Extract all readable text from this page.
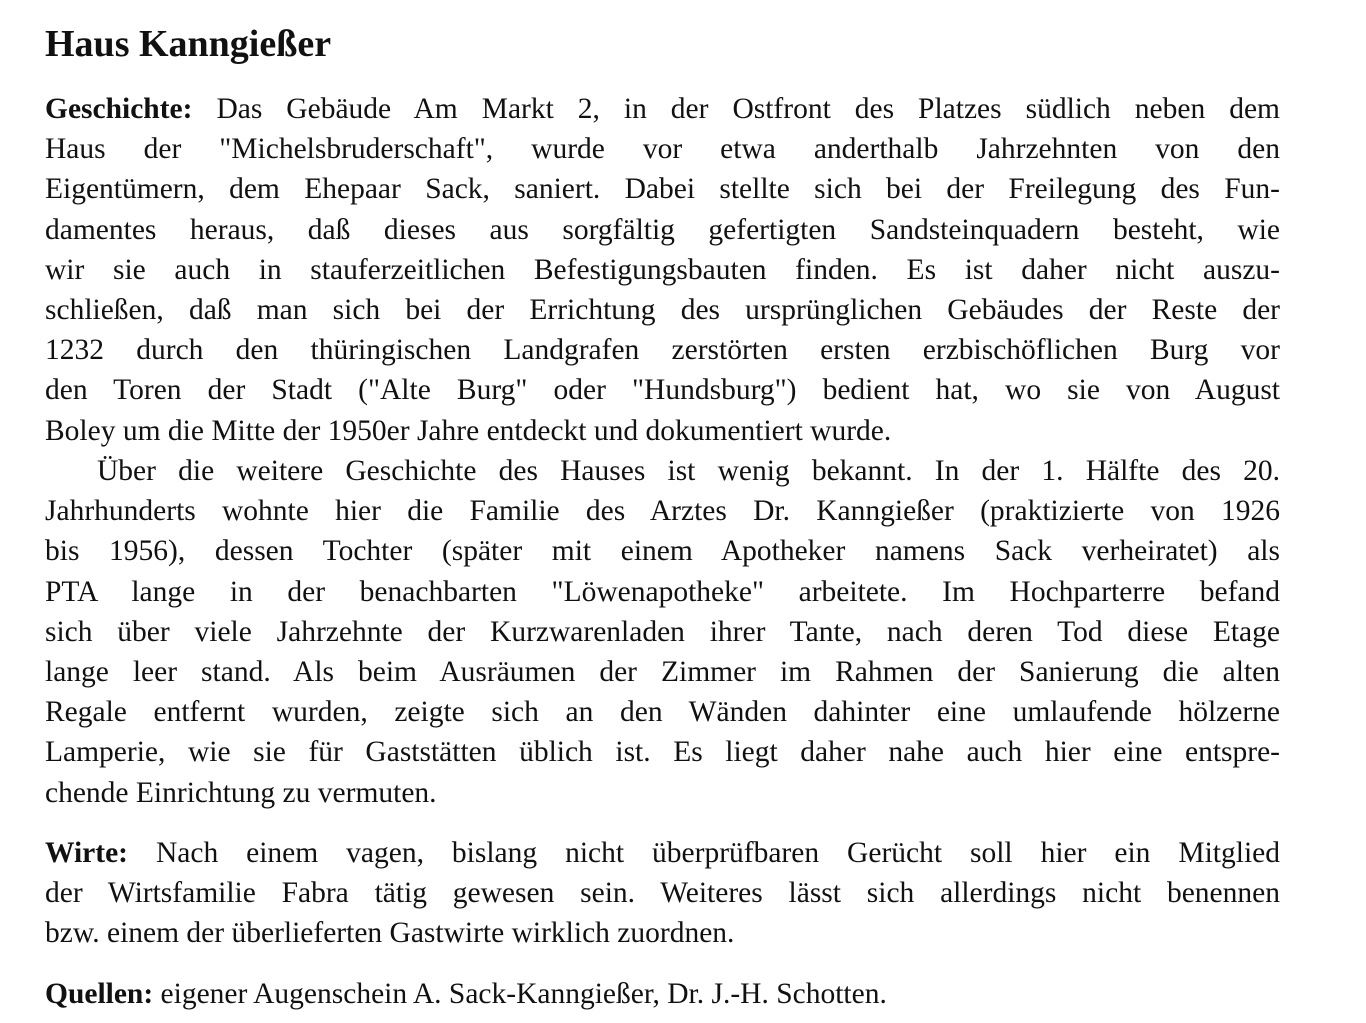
Haus Kanngießer
Geschichte: Das Gebäude Am Markt 2, in der Ostfront des Platzes südlich neben dem
Haus der "Michelsbruderschaft", wurde vor etwa anderthalb Jahrzehnten von den
Eigentümern, dem Ehepaar Sack, saniert. Dabei stellte sich bei der Freilegung des Fun-
damentes heraus, daß dieses aus sorgfältig gefertigten Sandsteinquadern besteht, wie
wir sie auch in stauferzeitlichen Befestigungsbauten finden. Es ist daher nicht auszu-
schließen, daß man sich bei der Errichtung des ursprünglichen Gebäudes der Reste der
1232 durch den thüringischen Landgrafen zerstörten ersten erzbischöflichen Burg vor
den Toren der Stadt ("Alte Burg" oder "Hundsburg") bedient hat, wo sie von August
Boley um die Mitte der 1950er Jahre entdeckt und dokumentiert wurde.
Über die weitere Geschichte des Hauses ist wenig bekannt. In der 1. Hälfte des 20.
Jahrhunderts wohnte hier die Familie des Arztes Dr. Kanngießer (praktizierte von 1926
bis 1956), dessen Tochter (später mit einem Apotheker namens Sack verheiratet) als
PTA lange in der benachbarten "Löwenapotheke" arbeitete. Im Hochparterre befand
sich über viele Jahrzehnte der Kurzwarenladen ihrer Tante, nach deren Tod diese Etage
lange leer stand. Als beim Ausräumen der Zimmer im Rahmen der Sanierung die alten
Regale entfernt wurden, zeigte sich an den Wänden dahinter eine umlaufende hölzerne
Lamperie, wie sie für Gaststätten üblich ist. Es liegt daher nahe auch hier eine entspre-
chende Einrichtung zu vermuten.
Wirte: Nach einem vagen, bislang nicht überprüfbaren Gerücht soll hier ein Mitglied
der Wirtsfamilie Fabra tätig gewesen sein. Weiteres lässt sich allerdings nicht benennen
bzw. einem der überlieferten Gastwirte wirklich zuordnen.
Quellen: eigener Augenschein A. Sack-Kanngießer, Dr. J.-H. Schotten.
